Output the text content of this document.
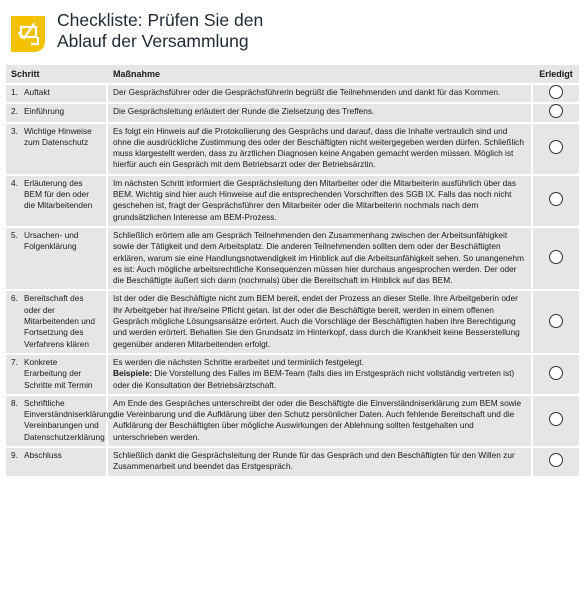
Checkliste: Prüfen Sie den
Ablauf der Versammlung
Schritt	Maßnahme	Erledigt

1. Auftakt	Der Gesprächsführer oder die Gesprächsführerin begrüßt die Teilnehmenden und dankt für das Kommen.	

2. Einführung	Die Gesprächsleitung erläutert der Runde die Zielsetzung des Treffens.	

3. Wichtige Hinweise zum Datenschutz	Es folgt ein Hinweis auf die Protokollierung des Gesprächs und darauf, dass die Inhalte vertraulich sind und ohne die ausdrückliche Zustimmung des oder der Beschäftigten nicht weitergegeben werden dürfen. Schließlich muss klargestellt werden, dass zu ärztlichen Diagnosen keine Angaben gemacht werden müssen. Möglich ist hierfür auch ein Gespräch mit dem Betriebsarzt oder der Betriebsärztin.	

4. Erläuterung des BEM für den oder die Mitarbeitenden	Im nächsten Schritt informiert die Gesprächsleitung den Mitarbeiter oder die Mitarbeiterin ausführlich über das BEM. Wichtig sind hier auch Hinweise auf die entsprechenden Vorschriften des SGB IX. Falls das noch nicht geschehen ist, fragt der Gesprächsführer den Mitarbeiter oder die Mitarbeiterin nochmals nach dem grundsätzlichen Interesse am BEM-Prozess.	

5. Ursachen- und Folgenklärung	Schließlich erörtern alle am Gespräch Teilnehmenden den Zusammenhang zwischen der Arbeitsunfähigkeit sowie der Tätigkeit und dem Arbeitsplatz. Die anderen Teilnehmenden sollten dem oder der Beschäftigten erklären, warum sie eine Handlungsnotwendigkeit im Hinblick auf die Arbeitsunfähigkeit sehen. So unangenehm es ist: Auch mögliche arbeitsrechtliche Konsequenzen müssen hier durchaus angesprochen werden. Der oder die Beschäftigte äußert sich dann (nochmals) über die Bereitschaft im Hinblick auf das BEM.	

6. Bereitschaft des oder der Mitarbeitenden und Fortsetzung des Verfahrens klären	Ist der oder die Beschäftigte nicht zum BEM bereit, endet der Prozess an dieser Stelle. Ihre Arbeitgeberin oder Ihr Arbeitgeber hat ihre/seine Pflicht getan. Ist der oder die Beschäftigte bereit, werden in einem offenen Gespräch mögliche Lösungsansätze erörtert. Auch die Vorschläge der Beschäftigten haben ihre Berechtigung und werden erörtert. Behalten Sie den Grundsatz im Hinterkopf, dass durch die Krankheit keine Besserstellung gegenüber anderen Mitarbeitenden erfolgt.	

7. Konkrete Erarbeitung der Schritte mit Termin	Es werden die nächsten Schritte erarbeitet und terminlich festgelegt.
Beispiele: Die Vorstellung des Falles im BEM-Team (falls dies im Erstgespräch nicht vollständig vertreten ist) oder die Konsultation der Betriebsärztschaft.	

8. Schriftliche Einverständniserklärung, Vereinbarungen und Datenschutzerklärung	Am Ende des Gespräches unterschreibt der oder die Beschäftigte die Einverständniserklärung zum BEM sowie die Vereinbarung und die Aufklärung über den Schutz persönlicher Daten. Auch fehlende Bereitschaft und die Aufklärung der Beschäftigten über mögliche Auswirkungen der Ablehnung sollten festgehalten und unterschrieben werden.	

9. Abschluss	Schließlich dankt die Gesprächsleitung der Runde für das Gespräch und den Beschäftigten für den Willen zur Zusammenarbeit und beendet das Erstgespräch.	
